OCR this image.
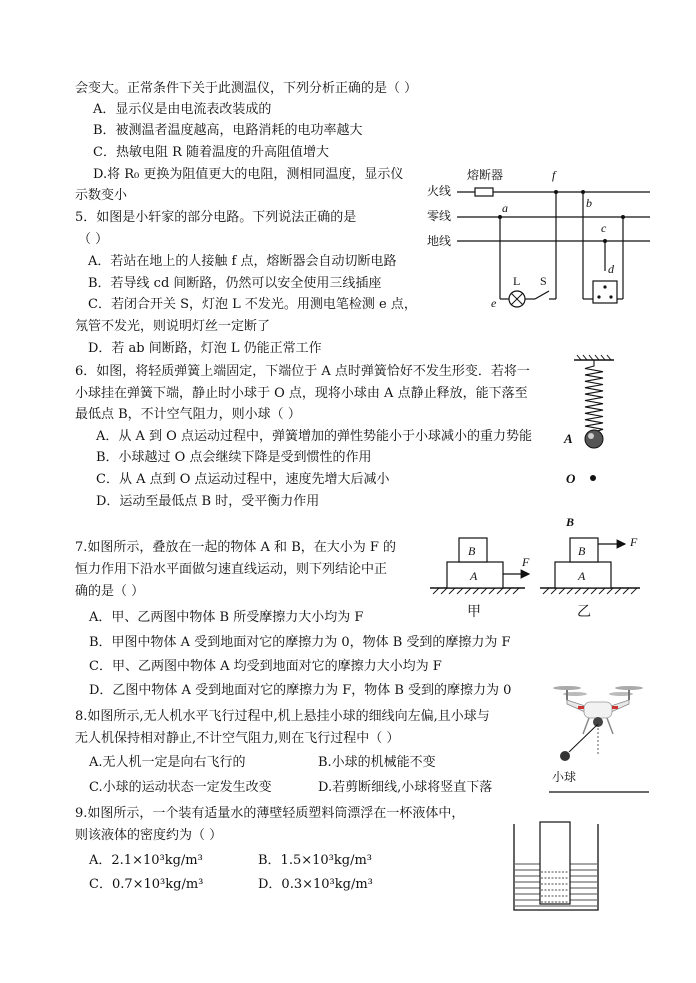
会变大。正常条件下关于此测温仪，下列分析正确的是（ ）
A．显示仪是由电流表改装成的
B．被测温者温度越高，电路消耗的电功率越大
C．热敏电阻 R 随着温度的升高阻值增大
D.将 R₀ 更换为阻值更大的电阻，测相同温度，显示仪
示数变小
5．如图是小轩家的部分电路。下列说法正确的是
（ ）
A．若站在地上的人接触 f 点，熔断器会自动切断电路
B．若导线 cd 间断路，仍然可以安全使用三线插座
C．若闭合开关 S，灯泡 L 不发光。用测电笔检测 e 点，
氖管不发光，则说明灯丝一定断了
D．若 ab 间断路，灯泡 L 仍能正常工作
火线
零线
地线
熔断器	f
a
e
L S
b
c
d
6．如图，将轻质弹簧上端固定，下端位于 A 点时弹簧恰好不发生形变．若将一
小球挂在弹簧下端，静止时小球于 O 点，现将小球由 A 点静止释放，能下落至
最低点 B，不计空气阻力，则小球（ ）
A．从 A 到 O 点运动过程中，弹簧增加的弹性势能小于小球减小的重力势能
B．小球越过 O 点会继续下降是受到惯性的作用
C．从 A 点到 O 点运动过程中，速度先增大后减小
D．运动至最低点 B 时，受平衡力作用
A
O
7.如图所示，叠放在一起的物体 A 和 B，在大小为 F 的
恒力作用下沿水平面做匀速直线运动，则下列结论中正
确的是（ ）
A．甲、乙两图中物体 B 所受摩擦力大小均为 F
B．甲图中物体 A 受到地面对它的摩擦力为 0，物体 B 受到的摩擦力为 F
C．甲、乙两图中物体 A 均受到地面对它的摩擦力大小均为 F
D．乙图中物体 A 受到地面对它的摩擦力为 F，物体 B 受到的摩擦力为 0
A
B
F
甲
A
B
B
F
乙
8.如图所示,无人机水平飞行过程中,机上悬挂小球的细线向左偏,且小球与
无人机保持相对静止,不计空气阻力,则在飞行过程中（ ）
A.无人机一定是向右飞行的	B.小球的机械能不变
C.小球的运动状态一定发生改变	D.若剪断细线,小球将竖直下落
小球
9.如图所示，一个装有适量水的薄壁轻质塑料筒漂浮在一杯液体中，
则该液体的密度约为（ ）
A．2.1×10³kg/m³	B．1.5×10³kg/m³
C．0.7×10³kg/m³	D．0.3×10³kg/m³
